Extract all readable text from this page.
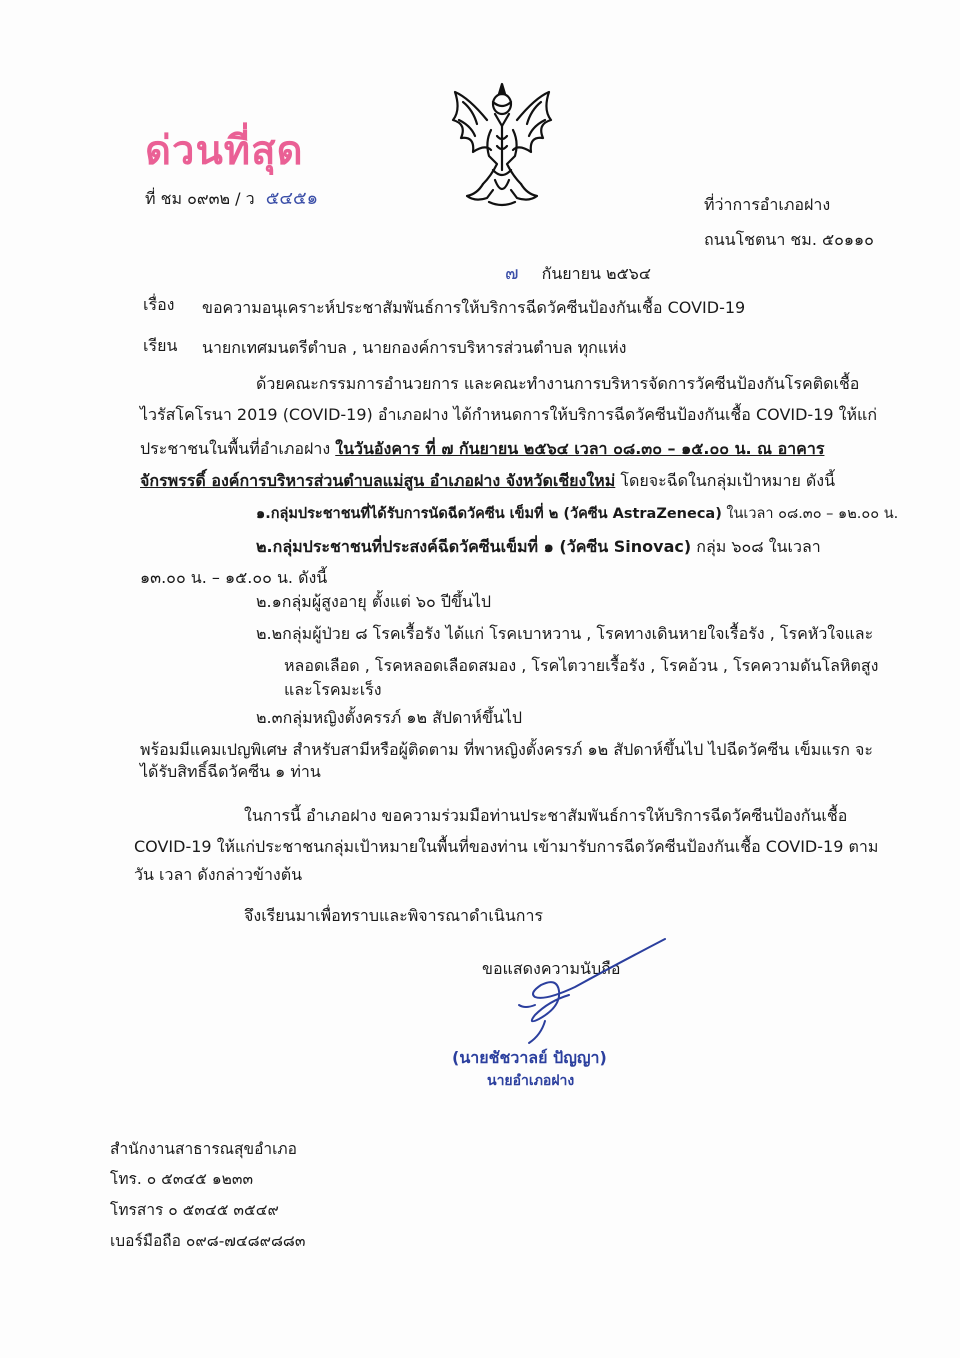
ด่วนที่สุด
ที่ ชม ๐๙๓๒ / ว ๕๔๕๑	ที่ว่าการอำเภอฝาง
ถนนโชตนา ชม. ๕๐๑๑๐
๗ กันยายน ๒๕๖๔
เรื่อง ขอความอนุเคราะห์ประชาสัมพันธ์การให้บริการฉีดวัคซีนป้องกันเชื้อ COVID-19
เรียน นายกเทศมนตรีตำบล , นายกองค์การบริหารส่วนตำบล ทุกแห่ง
ด้วยคณะกรรมการอำนวยการ และคณะทำงานการบริหารจัดการวัคซีนป้องกันโรคติดเชื้อ
ไวรัสโคโรนา 2019 (COVID-19) อำเภอฝาง ได้กำหนดการให้บริการฉีดวัคซีนป้องกันเชื้อ COVID-19 ให้แก่
ประชาชนในพื้นที่อำเภอฝาง ในวันอังคาร ที่ ๗ กันยายน ๒๕๖๔ เวลา ๐๘.๓๐ – ๑๕.๐๐ น. ณ อาคาร
จักรพรรดิ์ องค์การบริหารส่วนตำบลแม่สูน อำเภอฝาง จังหวัดเชียงใหม่ โดยจะฉีดในกลุ่มเป้าหมาย ดังนี้
๑.กลุ่มประชาชนที่ได้รับการนัดฉีดวัคซีน เข็มที่ ๒ (วัคซีน AstraZeneca) ในเวลา ๐๘.๓๐ – ๑๒.๐๐ น.
๒.กลุ่มประชาชนที่ประสงค์ฉีดวัคซีนเข็มที่ ๑ (วัคซีน Sinovac) กลุ่ม ๖๐๘ ในเวลา
๑๓.๐๐ น. – ๑๕.๐๐ น. ดังนี้
๒.๑กลุ่มผู้สูงอายุ ตั้งแต่ ๖๐ ปีขึ้นไป
๒.๒กลุ่มผู้ป่วย ๘ โรคเรื้อรัง ได้แก่ โรคเบาหวาน , โรคทางเดินหายใจเรื้อรัง , โรคหัวใจและ
หลอดเลือด , โรคหลอดเลือดสมอง , โรคไตวายเรื้อรัง , โรคอ้วน , โรคความดันโลหิตสูง
และโรคมะเร็ง
๒.๓กลุ่มหญิงตั้งครรภ์ ๑๒ สัปดาห์ขึ้นไป
พร้อมมีแคมเปญพิเศษ สำหรับสามีหรือผู้ติดตาม ที่พาหญิงตั้งครรภ์ ๑๒ สัปดาห์ขึ้นไป ไปฉีดวัคซีน เข็มแรก จะ
ได้รับสิทธิ์ฉีดวัคซีน ๑ ท่าน
ในการนี้ อำเภอฝาง ขอความร่วมมือท่านประชาสัมพันธ์การให้บริการฉีดวัคซีนป้องกันเชื้อ
COVID-19 ให้แก่ประชาชนกลุ่มเป้าหมายในพื้นที่ของท่าน เข้ามารับการฉีดวัคซีนป้องกันเชื้อ COVID-19 ตาม
วัน เวลา ดังกล่าวข้างต้น
จึงเรียนมาเพื่อทราบและพิจารณาดำเนินการ
ขอแสดงความนับถือ
(นายชัชวาลย์ ปัญญา)
นายอำเภอฝาง
สำนักงานสาธารณสุขอำเภอ
โทร. ๐ ๕๓๔๕ ๑๒๓๓
โทรสาร ๐ ๕๓๔๕ ๓๕๔๙
เบอร์มือถือ ๐๙๘-๗๔๘๙๘๘๓
